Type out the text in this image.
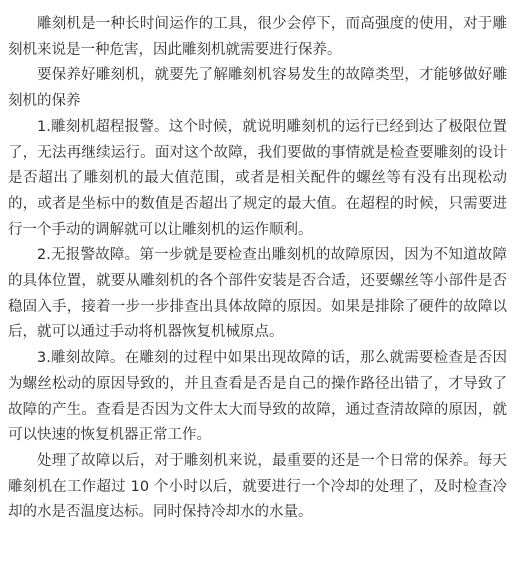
雕刻机是一种长时间运作的工具，很少会停下，而高强度的使用，对于雕刻机来说是一种危害，因此雕刻机就需要进行保养。

要保养好雕刻机，就要先了解雕刻机容易发生的故障类型，才能够做好雕刻机的保养

1.雕刻机超程报警。这个时候，就说明雕刻机的运行已经到达了极限位置了，无法再继续运行。面对这个故障，我们要做的事情就是检查要雕刻的设计是否超出了雕刻机的最大值范围，或者是相关配件的螺丝等有没有出现松动的，或者是坐标中的数值是否超出了规定的最大值。在超程的时候，只需要进行一个手动的调解就可以让雕刻机的运作顺利。

2.无报警故障。第一步就是要检查出雕刻机的故障原因，因为不知道故障的具体位置，就要从雕刻机的各个部件安装是否合适，还要螺丝等小部件是否稳固入手，接着一步一步排查出具体故障的原因。如果是排除了硬件的故障以后，就可以通过手动将机器恢复机械原点。

3.雕刻故障。在雕刻的过程中如果出现故障的话，那么就需要检查是否因为螺丝松动的原因导致的，并且查看是否是自己的操作路径出错了，才导致了故障的产生。查看是否因为文件太大而导致的故障，通过查清故障的原因，就可以快速的恢复机器正常工作。

处理了故障以后，对于雕刻机来说，最重要的还是一个日常的保养。每天雕刻机在工作超过 10 个小时以后，就要进行一个冷却的处理了，及时检查冷却的水是否温度达标。同时保持冷却水的水量。
